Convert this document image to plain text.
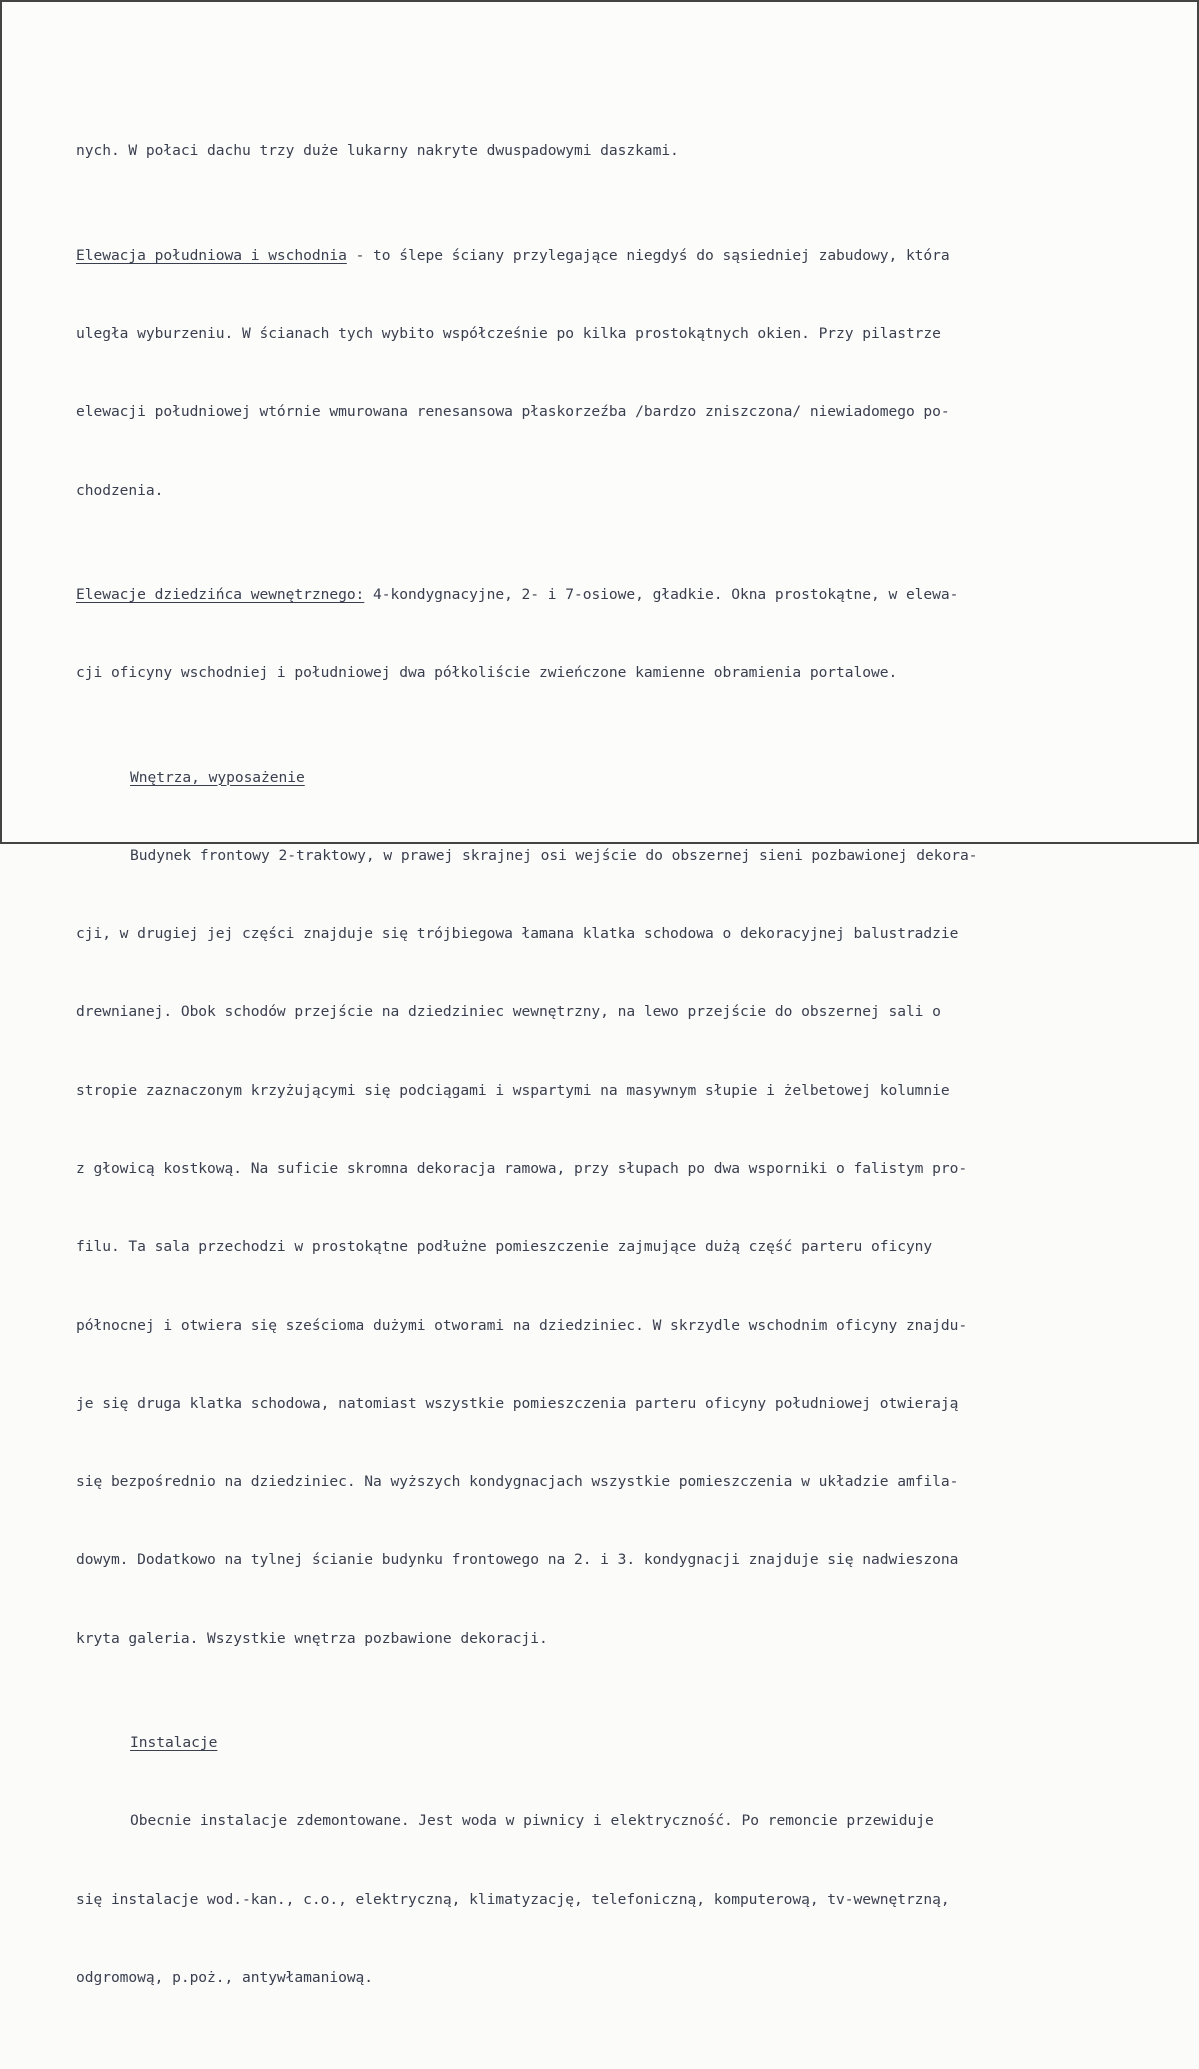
nych. W połaci dachu trzy duże lukarny nakryte dwuspadowymi daszkami.

Elewacja południowa i wschodnia - to ślepe ściany przylegające niegdyś do sąsiedniej zabudowy, która

uległa wyburzeniu. W ścianach tych wybito współcześnie po kilka prostokątnych okien. Przy pilastrze

elewacji południowej wtórnie wmurowana renesansowa płaskorzeźba /bardzo zniszczona/ niewiadomego po-

chodzenia.

Elewacje dziedzińca wewnętrznego: 4-kondygnacyjne, 2- i 7-osiowe, gładkie. Okna prostokątne, w elewa-

cji oficyny wschodniej i południowej dwa półkoliście zwieńczone kamienne obramienia portalowe.

Wnętrza, wyposażenie

Budynek frontowy 2-traktowy, w prawej skrajnej osi wejście do obszernej sieni pozbawionej dekora-

cji, w drugiej jej części znajduje się trójbiegowa łamana klatka schodowa o dekoracyjnej balustradzie

drewnianej. Obok schodów przejście na dziedziniec wewnętrzny, na lewo przejście do obszernej sali o

stropie zaznaczonym krzyżującymi się podciągami i wspartymi na masywnym słupie i żelbetowej kolumnie

z głowicą kostkową. Na suficie skromna dekoracja ramowa, przy słupach po dwa wsporniki o falistym pro-

filu. Ta sala przechodzi w prostokątne podłużne pomieszczenie zajmujące dużą część parteru oficyny

północnej i otwiera się sześcioma dużymi otworami na dziedziniec. W skrzydle wschodnim oficyny znajdu-

je się druga klatka schodowa, natomiast wszystkie pomieszczenia parteru oficyny południowej otwierają

się bezpośrednio na dziedziniec. Na wyższych kondygnacjach wszystkie pomieszczenia w układzie amfila-

dowym. Dodatkowo na tylnej ścianie budynku frontowego na 2. i 3. kondygnacji znajduje się nadwieszona

kryta galeria. Wszystkie wnętrza pozbawione dekoracji.

Instalacje

Obecnie instalacje zdemontowane. Jest woda w piwnicy i elektryczność. Po remoncie przewiduje

się instalacje wod.-kan., c.o., elektryczną, klimatyzację, telefoniczną, komputerową, tv-wewnętrzną,

odgromową, p.poż., antywłamaniową.
